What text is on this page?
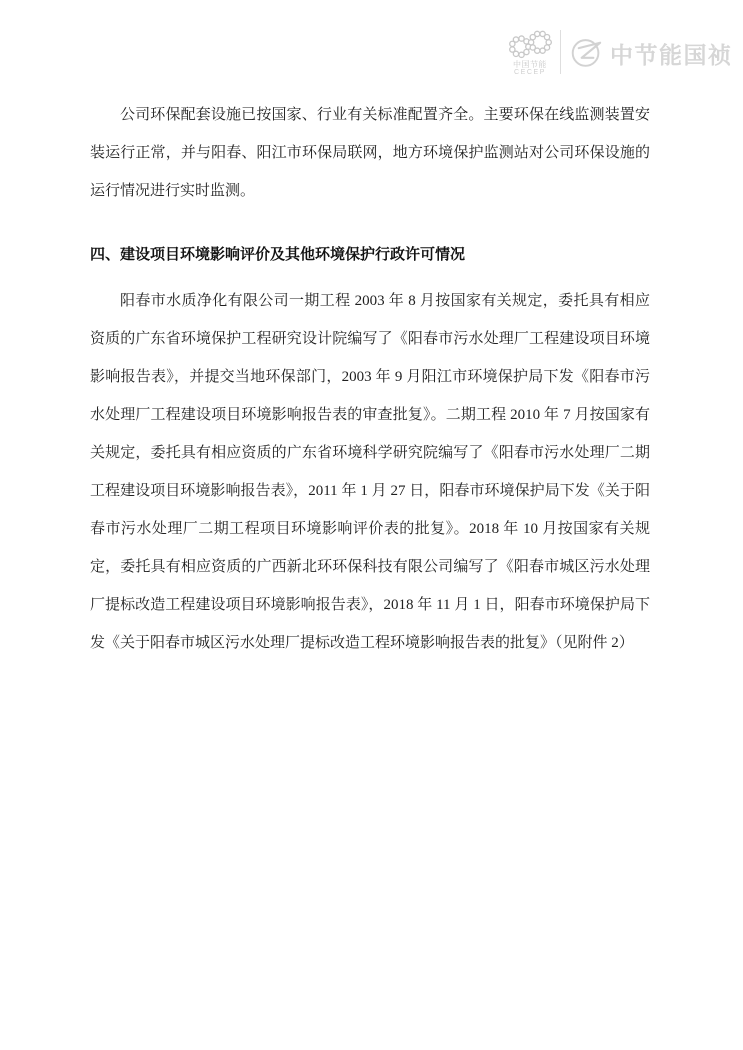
中国节能
CECEP
中节能国祯
公司环保配套设施已按国家、行业有关标准配置齐全。主要环保在线监测装置安
装运行正常，并与阳春、阳江市环保局联网，地方环境保护监测站对公司环保设施的
运行情况进行实时监测。
四、建设项目环境影响评价及其他环境保护行政许可情况
阳春市水质净化有限公司一期工程 2003 年 8 月按国家有关规定，委托具有相应
资质的广东省环境保护工程研究设计院编写了《阳春市污水处理厂工程建设项目环境
影响报告表》，并提交当地环保部门，2003 年 9 月阳江市环境保护局下发《阳春市污
水处理厂工程建设项目环境影响报告表的审查批复》。二期工程 2010 年 7 月按国家有
关规定，委托具有相应资质的广东省环境科学研究院编写了《阳春市污水处理厂二期
工程建设项目环境影响报告表》，2011 年 1 月 27 日，阳春市环境保护局下发《关于阳
春市污水处理厂二期工程项目环境影响评价表的批复》。2018 年 10 月按国家有关规
定，委托具有相应资质的广西新北环环保科技有限公司编写了《阳春市城区污水处理
厂提标改造工程建设项目环境影响报告表》，2018 年 11 月 1 日，阳春市环境保护局下
发《关于阳春市城区污水处理厂提标改造工程环境影响报告表的批复》（见附件 2）
